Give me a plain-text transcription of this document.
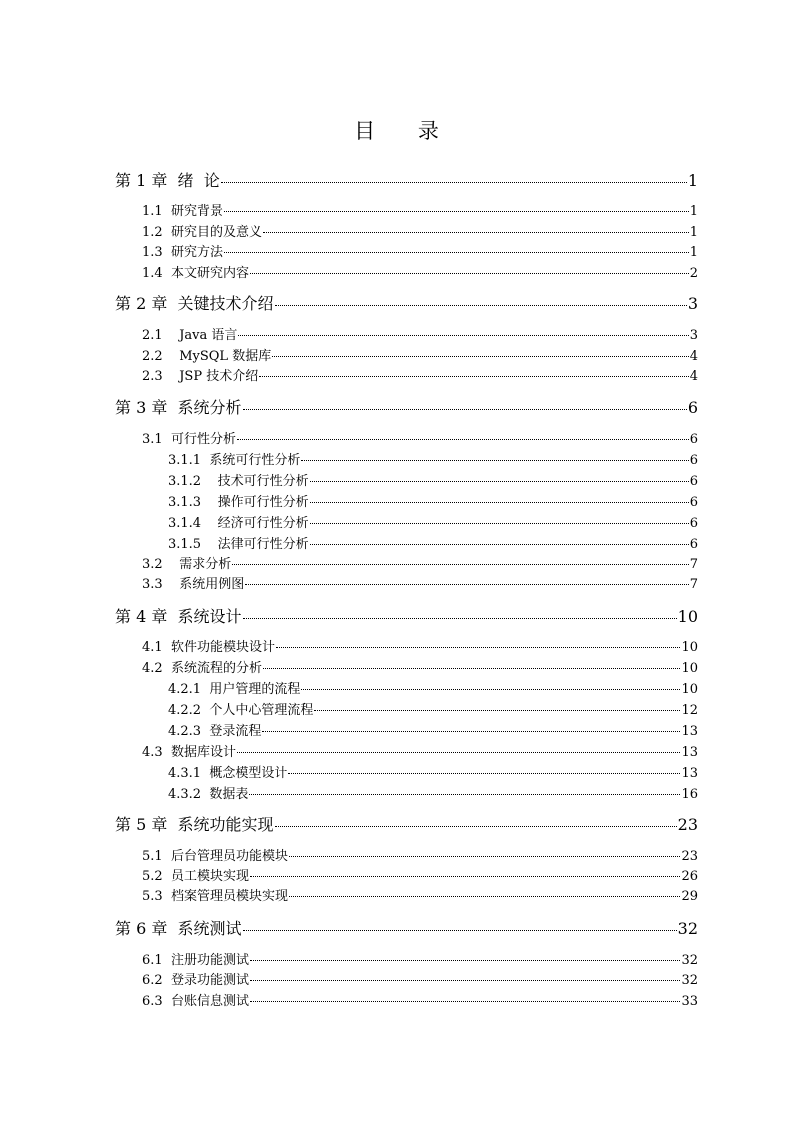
目 录
第 1 章  绪  论	1
1.1  研究背景	1
1.2  研究目的及意义	1
1.3  研究方法	1
1.4  本文研究内容	2
第 2 章  关键技术介绍	3
2.1    Java 语言	3
2.2    MySQL 数据库	4
2.3    JSP 技术介绍	4
第 3 章  系统分析	6
3.1  可行性分析	6
3.1.1  系统可行性分析	6
3.1.2    技术可行性分析	6
3.1.3    操作可行性分析	6
3.1.4    经济可行性分析	6
3.1.5    法律可行性分析	6
3.2    需求分析	7
3.3    系统用例图	7
第 4 章  系统设计	10
4.1  软件功能模块设计	10
4.2  系统流程的分析	10
4.2.1  用户管理的流程	10
4.2.2  个人中心管理流程	12
4.2.3  登录流程	13
4.3  数据库设计	13
4.3.1  概念模型设计	13
4.3.2  数据表	16
第 5 章  系统功能实现	23
5.1  后台管理员功能模块	23
5.2  员工模块实现	26
5.3  档案管理员模块实现	29
第 6 章  系统测试	32
6.1  注册功能测试	32
6.2  登录功能测试	32
6.3  台账信息测试	33
